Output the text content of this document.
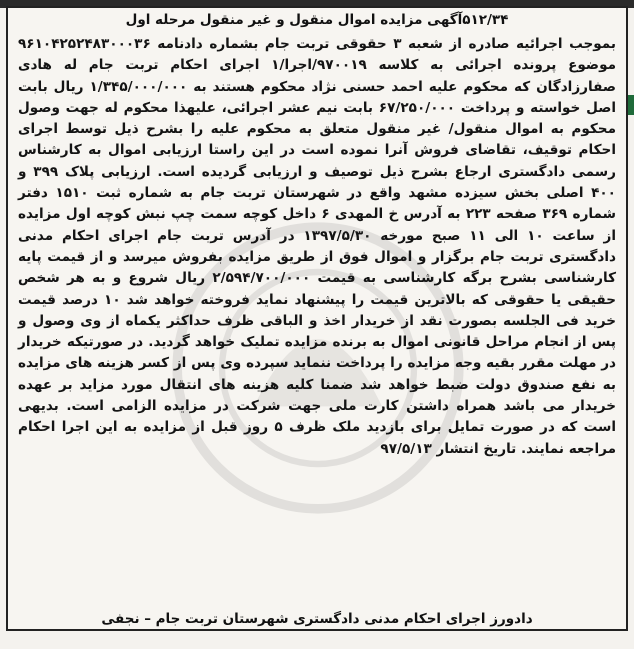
۵۱۲/۳۴آگهی مزایده اموال منقول و غیر منقول مرحله اول
بموجب اجرائیه صادره از شعبه ۳ حقوقی تربت جام بشماره دادنامه ۹۶۱۰۴۲۵۲۴۸۳۰۰۰۳۶ موضوع پرونده اجرائی به کلاسه ۹۷۰۰۱۹/اجرا/۱ اجرای احکام تربت جام له هادی صفارزادگان که محکوم علیه احمد حسنی نژاد محکوم هستند به ۱/۳۴۵/۰۰۰/۰۰۰ ریال بابت اصل خواسته و پرداخت ۶۷/۲۵۰/۰۰۰ بابت نیم عشر اجرائی، علیهذا محکوم له جهت وصول محکوم به اموال منقول/ غیر منقول متعلق به محکوم علیه را بشرح ذیل توسط اجرای احکام توقیف، تقاضای فروش آنرا نموده است در این راستا ارزیابی اموال به کارشناس رسمی دادگستری ارجاع بشرح ذیل توصیف و ارزیابی گردیده است. ارزیابی پلاک ۳۹۹ و ۴۰۰ اصلی بخش سیزده مشهد واقع در شهرستان تربت جام به شماره ثبت ۱۵۱۰ دفتر شماره ۳۶۹ صفحه ۲۲۳ به آدرس خ المهدی ۶ داخل کوچه سمت چپ نبش کوچه اول مزایده از ساعت ۱۰ الی ۱۱ صبح مورخه ۱۳۹۷/۵/۳۰ در آدرس تربت جام اجرای احکام مدنی دادگستری تربت جام برگزار و اموال فوق از طریق مزایده بفروش میرسد و از قیمت پایه کارشناسی بشرح برگه کارشناسی به قیمت ۲/۵۹۴/۷۰۰/۰۰۰ ریال شروع و به هر شخص حقیقی یا حقوقی که بالاترین قیمت را پیشنهاد نماید فروخته خواهد شد ۱۰ درصد قیمت خرید فی الجلسه بصورت نقد از خریدار اخذ و الباقی ظرف حداکثر یکماه از وی وصول و پس از انجام مراحل قانونی اموال به برنده مزایده تملیک خواهد گردید. در صورتیکه خریدار در مهلت مقرر بقیه وجه مزایده را پرداخت ننماید سپرده وی پس از کسر هزینه های مزایده به نفع صندوق دولت ضبط خواهد شد ضمنا کلیه هزینه های انتقال مورد مزاید بر عهده خریدار می باشد همراه داشتن کارت ملی جهت شرکت در مزایده الزامی است. بدیهی است که در صورت تمایل برای بازدید ملک ظرف ۵ روز قبل از مزایده به این اجرا احکام مراجعه نمایند. تاریخ انتشار ۹۷/۵/۱۳
دادورز اجرای احکام مدنی دادگستری شهرستان تربت جام – نجفی
